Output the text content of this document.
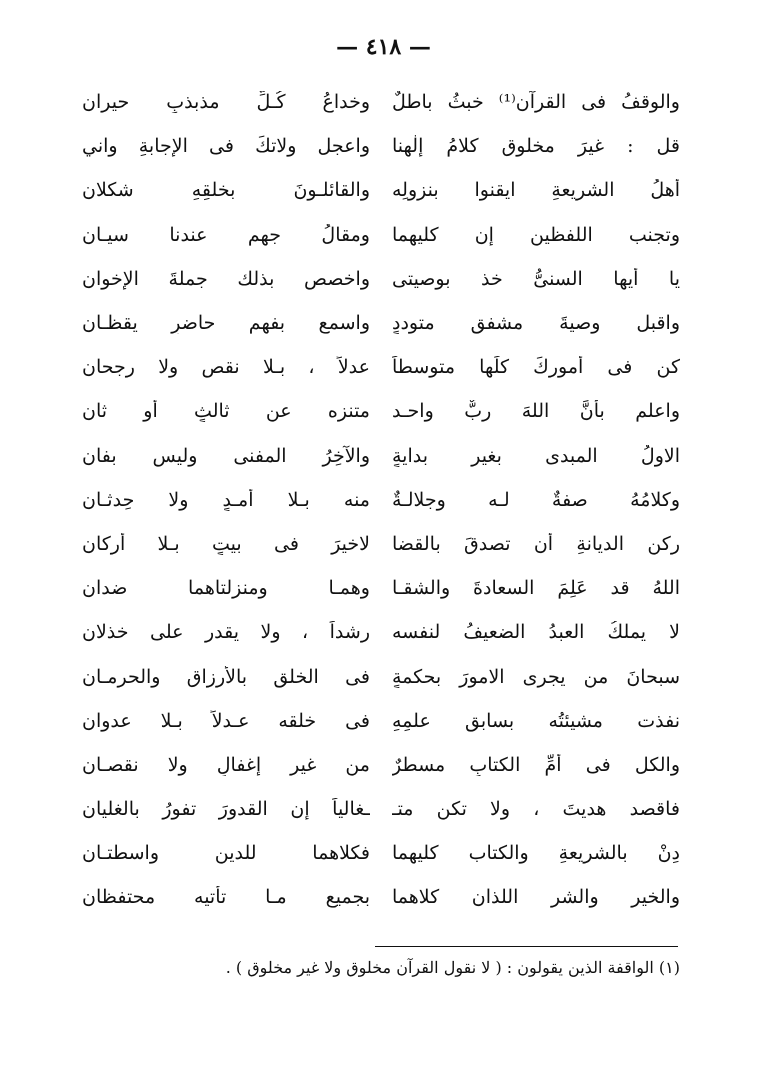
— ٤١٨ —
والوقفُ فى القرآن⁽¹⁾ خبثُ باطلٌ
وخداعُ كُـلِّ مذبذبٍ حيران
قل : غيرَ مخلوقٍ كلامُ إلٰهنا
واعجل ولاتكَ فى الإجابةِ واني
أهلُ الشريعةِ ايقنوا بنزولِه
والقائلـونَ بخلقِهِ شكلان
وتجنب اللفظين إن كليهما
ومقالُ جهمٍ عندنا سيـان
يا أيها السنىُّ خذ بوصيتى
واخصص بذلك جملةَ الإخوان
واقبل وصيةَ مشفقٍ متوددٍ
واسمع بفهمٍ حاضرٍ يقظـان
كن فى أمورِكَ كلِّها متوسطاً
عدلاً ، بـلا نقصٍ ولا رجحان
واعلم بأنَّ اللهَ ربٌّ واحـد
متنزه عن ثالثٍ أو ثان
الاولُ المبدى بغير بدايةٍ
والآخِرُ المفنى وليس بفان
وكلامُهُ صفةٌ لـه وجلالـةٌ
منه بـلا أمـدٍ ولا حِدثـان
ركن الديانةِ أن تصدقَ بالقضا
لاخيرَ فى بيتٍ بـلا أركان
اللهُ قد عَلِمَ السعادةَ والشقـا
وهمـا ومنزلتاهما ضدان
لا يملكُ العبدُ الضعيفُ لنفسه
رشداً ، ولا يقدر على خذلان
سبحانَ من يجرى الامورَ بحكمةٍ
فى الخلق بالأرزاقِ والحرمـان
نفذت مشيئتُه بسابقِ علمِهِ
فى خلقه عـدلاً بـلا عدوان
والكل فى أمِّ الكتابِ مسطرٌ
من غيرِ إغفالٍ ولا نقصـان
فاقصد هديتَ ، ولا تكن متـ
ـغالياً إن القدورَ تفورُ بالغليان
دِنْ بالشريعةِ والكتاب كليهما
فكلاهما للدين واسطتـان
والخير والشر اللذان كلاهما
بجميع مـا تأتيه محتفظان
(١) الواقفة الذين يقولون : ( لا نقول القرآن مخلوق ولا غير مخلوق ) .
